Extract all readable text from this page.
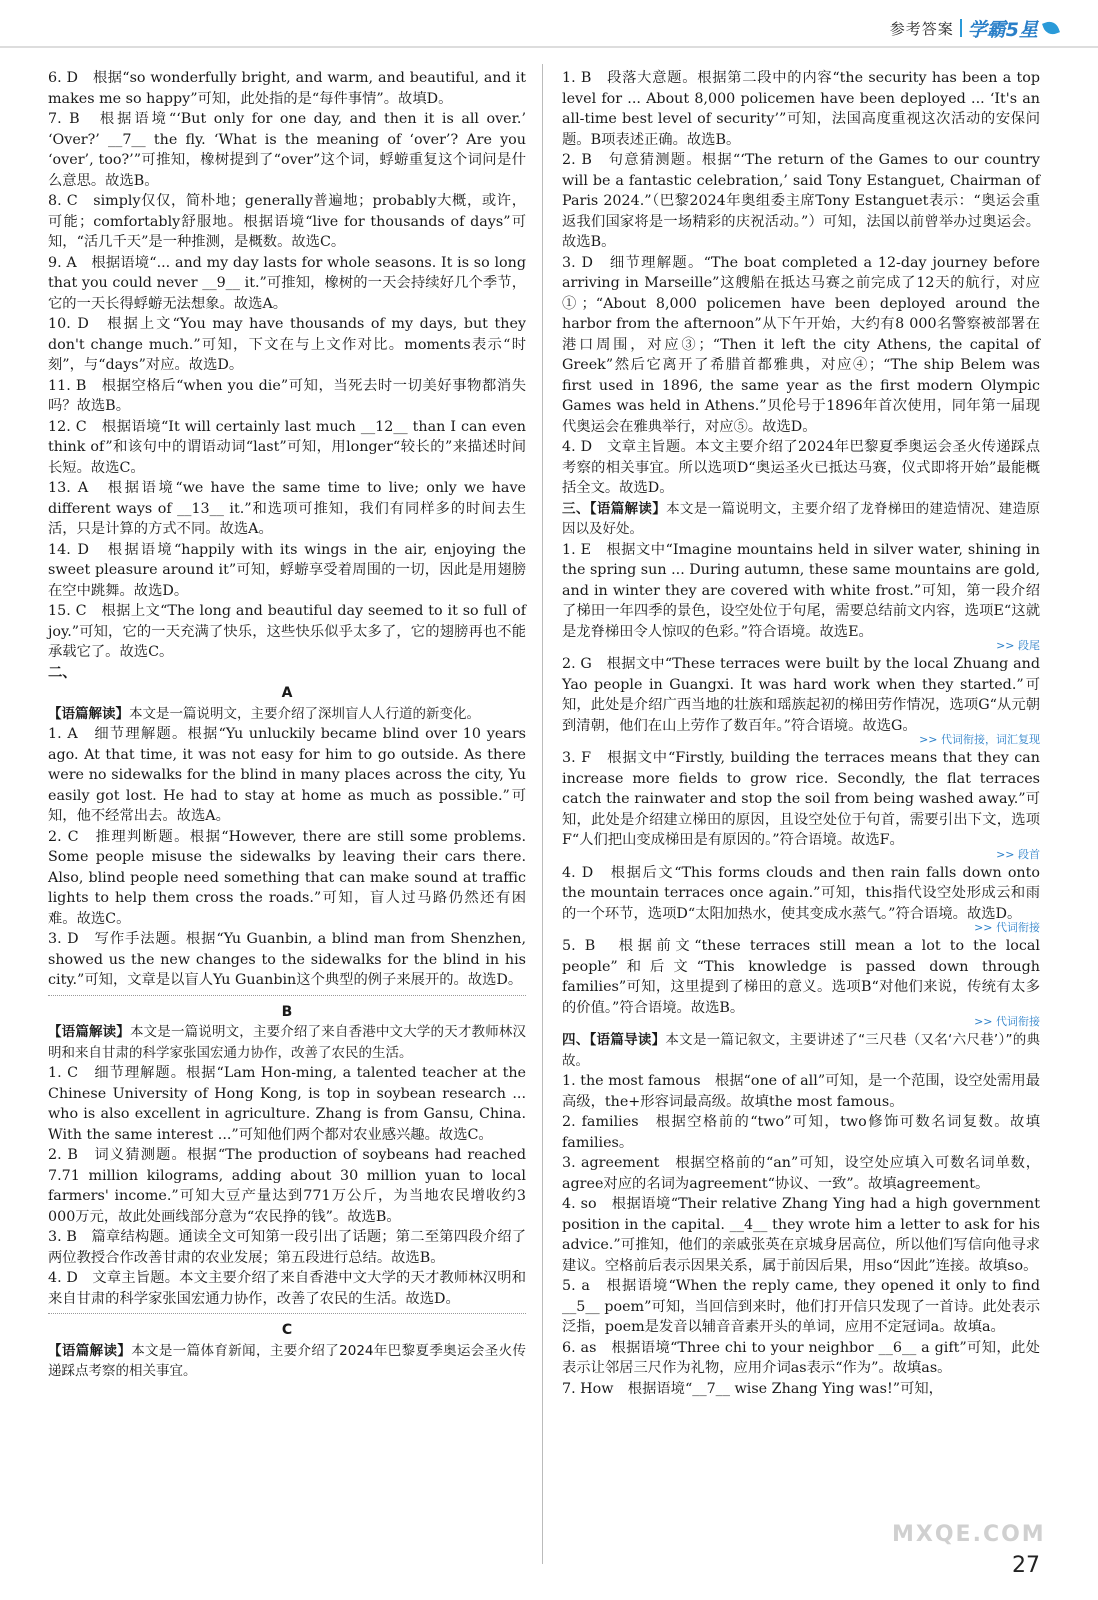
参考答案 学霸5星

6. D　根据“so wonderfully bright, and warm, and beautiful, and it makes me so happy”可知，此处指的是“每件事情”。故填D。

7. B　根据语境“‘But only for one day, and then it is all over.’ ‘Over?’ __7__ the fly. ‘What is the meaning of ‘over’? Are you ‘over’, too?’”可推知，橡树提到了“over”这个词，蜉蝣重复这个词问是什么意思。故选B。

8. C　simply仅仅，简朴地；generally普遍地；probably大概，或许，可能；comfortably舒服地。根据语境“live for thousands of days”可知，“活几千天”是一种推测，是概数。故选C。

9. A　根据语境“... and my day lasts for whole seasons. It is so long that you could never __9__ it.”可推知，橡树的一天会持续好几个季节，它的一天长得蜉蝣无法想象。故选A。

10. D　根据上文“You may have thousands of my days, but they don't change much.”可知，下文在与上文作对比。moments表示“时刻”，与“days”对应。故选D。

11. B　根据空格后“when you die”可知，当死去时一切美好事物都消失吗？故选B。

12. C　根据语境“It will certainly last much __12__ than I can even think of”和该句中的谓语动词“last”可知，用longer“较长的”来描述时间长短。故选C。

13. A　根据语境“we have the same time to live; only we have different ways of __13__ it.”和选项可推知，我们有同样多的时间去生活，只是计算的方式不同。故选A。

14. D　根据语境“happily with its wings in the air, enjoying the sweet pleasure around it”可知，蜉蝣享受着周围的一切，因此是用翅膀在空中跳舞。故选D。

15. C　根据上文“The long and beautiful day seemed to it so full of joy.”可知，它的一天充满了快乐，这些快乐似乎太多了，它的翅膀再也不能承载它了。故选C。

二、

A

【语篇解读】本文是一篇说明文，主要介绍了深圳盲人人行道的新变化。

1. A　细节理解题。根据“Yu unluckily became blind over 10 years ago. At that time, it was not easy for him to go outside. As there were no sidewalks for the blind in many places across the city, Yu easily got lost. He had to stay at home as much as possible.”可知，他不经常出去。故选A。

2. C　推理判断题。根据“However, there are still some problems. Some people misuse the sidewalks by leaving their cars there. Also, blind people need something that can make sound at traffic lights to help them cross the roads.”可知，盲人过马路仍然还有困难。故选C。

3. D　写作手法题。根据“Yu Guanbin, a blind man from Shenzhen, showed us the new changes to the sidewalks for the blind in his city.”可知，文章是以盲人Yu Guanbin这个典型的例子来展开的。故选D。

B

【语篇解读】本文是一篇说明文，主要介绍了来自香港中文大学的天才教师林汉明和来自甘肃的科学家张国宏通力协作，改善了农民的生活。

1. C　细节理解题。根据“Lam Hon-ming, a talented teacher at the Chinese University of Hong Kong, is top in soybean research ... who is also excellent in agriculture. Zhang is from Gansu, China. With the same interest ...”可知他们两个都对农业感兴趣。故选C。

2. B　词义猜测题。根据“The production of soybeans had reached 7.71 million kilograms, adding about 30 million yuan to local farmers' income.”可知大豆产量达到771万公斤，为当地农民增收约3 000万元，故此处画线部分意为“农民挣的钱”。故选B。

3. B　篇章结构题。通读全文可知第一段引出了话题；第二至第四段介绍了两位教授合作改善甘肃的农业发展；第五段进行总结。故选B。

4. D　文章主旨题。本文主要介绍了来自香港中文大学的天才教师林汉明和来自甘肃的科学家张国宏通力协作，改善了农民的生活。故选D。

C

【语篇解读】本文是一篇体育新闻，主要介绍了2024年巴黎夏季奥运会圣火传递踩点考察的相关事宜。

1. B　段落大意题。根据第二段中的内容“the security has been a top level for ... About 8,000 policemen have been deployed ... ‘It's an all-time best level of security’”可知，法国高度重视这次活动的安保问题。B项表述正确。故选B。

2. B　句意猜测题。根据“‘The return of the Games to our country will be a fantastic celebration,’ said Tony Estanguet, Chairman of Paris 2024.”（巴黎2024年奥组委主席Tony Estanguet表示：“奥运会重返我们国家将是一场精彩的庆祝活动。”）可知，法国以前曾举办过奥运会。故选B。

3. D　细节理解题。“The boat completed a 12-day journey before arriving in Marseille”这艘船在抵达马赛之前完成了12天的航行，对应①；“About 8,000 policemen have been deployed around the harbor from the afternoon”从下午开始，大约有8 000名警察被部署在港口周围，对应③；“Then it left the city Athens, the capital of Greek”然后它离开了希腊首都雅典，对应④；“The ship Belem was first used in 1896, the same year as the first modern Olympic Games was held in Athens.”贝伦号于1896年首次使用，同年第一届现代奥运会在雅典举行，对应⑤。故选D。

4. D　文章主旨题。本文主要介绍了2024年巴黎夏季奥运会圣火传递踩点考察的相关事宜。所以选项D“奥运圣火已抵达马赛，仪式即将开始”最能概括全文。故选D。

三、【语篇解读】本文是一篇说明文，主要介绍了龙脊梯田的建造情况、建造原因以及好处。

1. E　根据文中“Imagine mountains held in silver water, shining in the spring sun ... During autumn, these same mountains are gold, and in winter they are covered with white frost.”可知，第一段介绍了梯田一年四季的景色，设空处位于句尾，需要总结前文内容，选项E“这就是龙脊梯田令人惊叹的色彩。”符合语境。故选E。

>> 段尾

2. G　根据文中“These terraces were built by the local Zhuang and Yao people in Guangxi. It was hard work when they started.”可知，此处是介绍广西当地的壮族和瑶族起初的梯田劳作情况，选项G“从元朝到清朝，他们在山上劳作了数百年。”符合语境。故选G。

>> 代词衔接，词汇复现

3. F　根据文中“Firstly, building the terraces means that they can increase more fields to grow rice. Secondly, the flat terraces catch the rainwater and stop the soil from being washed away.”可知，此处是介绍建立梯田的原因，且设空处位于句首，需要引出下文，选项F“人们把山变成梯田是有原因的。”符合语境。故选F。

>> 段首

4. D　根据后文“This forms clouds and then rain falls down onto the mountain terraces once again.”可知，this指代设空处形成云和雨的一个环节，选项D“太阳加热水，使其变成水蒸气。”符合语境。故选D。

>> 代词衔接

5. B　根据前文“these terraces still mean a lot to the local people”和后文“This knowledge is passed down through families”可知，这里提到了梯田的意义。选项B“对他们来说，传统有太多的价值。”符合语境。故选B。

>> 代词衔接

四、【语篇导读】本文是一篇记叙文，主要讲述了“三尺巷（又名‘六尺巷’）”的典故。

1. the most famous　根据“one of all”可知，是一个范围，设空处需用最高级，the+形容词最高级。故填the most famous。

2. families　根据空格前的“two”可知，two修饰可数名词复数。故填families。

3. agreement　根据空格前的“an”可知，设空处应填入可数名词单数，agree对应的名词为agreement“协议、一致”。故填agreement。

4. so　根据语境“Their relative Zhang Ying had a high government position in the capital. __4__ they wrote him a letter to ask for his advice.”可推知，他们的亲戚张英在京城身居高位，所以他们写信向他寻求建议。空格前后表示因果关系，属于前因后果，用so“因此”连接。故填so。

5. a　根据语境“When the reply came, they opened it only to find __5__ poem”可知，当回信到来时，他们打开信只发现了一首诗。此处表示泛指，poem是发音以辅音音素开头的单词，应用不定冠词a。故填a。

6. as　根据语境“Three chi to your neighbor __6__ a gift”可知，此处表示让邻居三尺作为礼物，应用介词as表示“作为”。故填as。

7. How　根据语境“__7__ wise Zhang Ying was!”可知，

MXQE.COM
27
